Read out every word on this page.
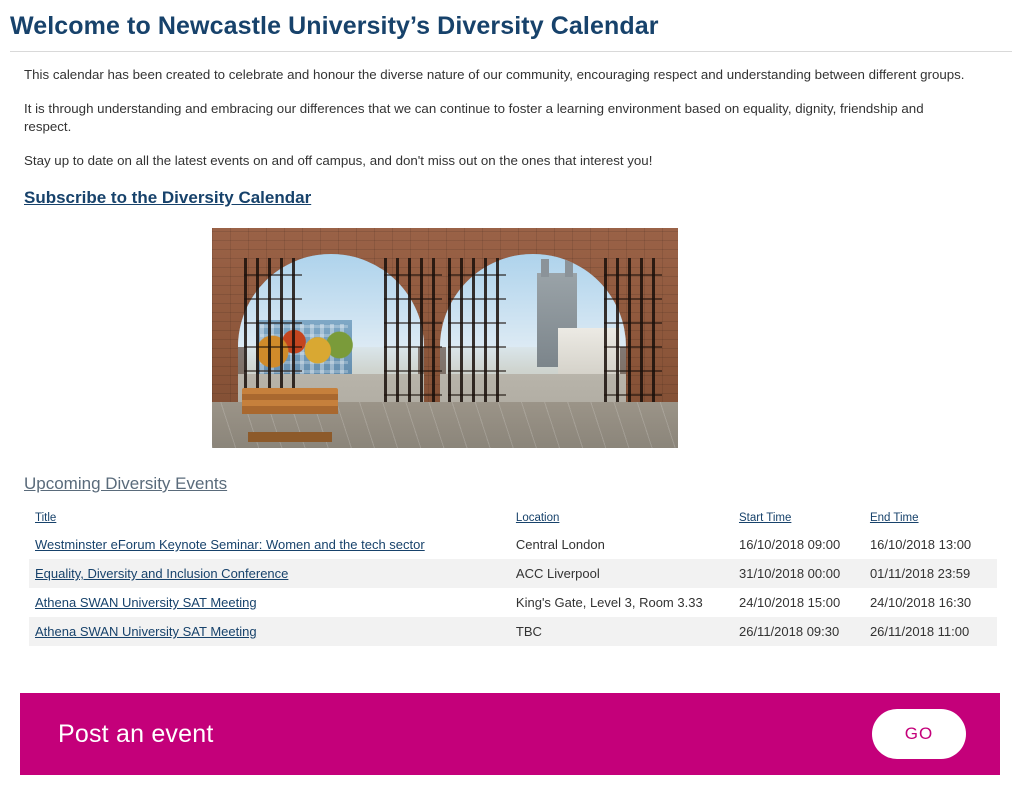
Welcome to Newcastle University’s Diversity Calendar

This calendar has been created to celebrate and honour the diverse nature of our community, encouraging respect and understanding between different groups.

It is through understanding and embracing our differences that we can continue to foster a learning environment based on equality, dignity, friendship and respect.

Stay up to date on all the latest events on and off campus, and don't miss out on the ones that interest you!

Subscribe to the Diversity Calendar
Upcoming Diversity Events
Title	Location	Start Time	End Time
Westminster eForum Keynote Seminar: Women and the tech sector	Central London	16/10/2018 09:00	16/10/2018 13:00
Equality, Diversity and Inclusion Conference	ACC Liverpool	31/10/2018 00:00	01/11/2018 23:59
Athena SWAN University SAT Meeting	King's Gate, Level 3, Room 3.33	24/10/2018 15:00	24/10/2018 16:30
Athena SWAN University SAT Meeting	TBC	26/11/2018 09:30	26/11/2018 11:00
Post an event	GO
